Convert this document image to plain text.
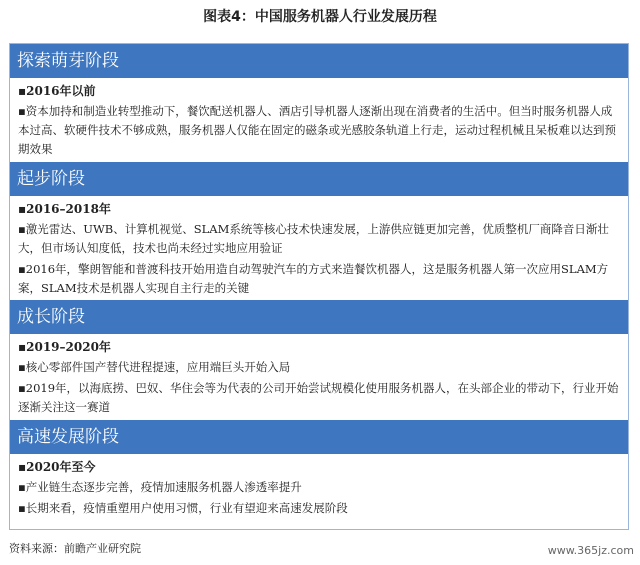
图表4：中国服务机器人行业发展历程
探索萌芽阶段
▪2016年以前
▪资本加持和制造业转型推动下，餐饮配送机器人、酒店引导机器人逐渐出现在消费者的生活中。但当时服务机器人成本过高、软硬件技术不够成熟，服务机器人仅能在固定的磁条或光感胶条轨道上行走，运动过程机械且呆板难以达到预期效果
起步阶段
▪2016–2018年
▪激光雷达、UWB、计算机视觉、SLAM系统等核心技术快速发展，上游供应链更加完善，优质整机厂商降音日渐壮大，但市场认知度低，技术也尚未经过实地应用验证
▪2016年，擎朗智能和普渡科技开始用造自动驾驶汽车的方式来造餐饮机器人，这是服务机器人第一次应用SLAM方案，SLAM技术是机器人实现自主行走的关键
成长阶段
▪2019–2020年
▪核心零部件国产替代进程提速，应用端巨头开始入局
▪2019年，以海底捞、巴奴、华住会等为代表的公司开始尝试规模化使用服务机器人，在头部企业的带动下，行业开始逐渐关注这一赛道
高速发展阶段
▪2020年至今
▪产业链生态逐步完善，疫情加速服务机器人渗透率提升
▪长期来看，疫情重塑用户使用习惯，行业有望迎来高速发展阶段
资料来源：前瞻产业研究院	www.365jz.com
